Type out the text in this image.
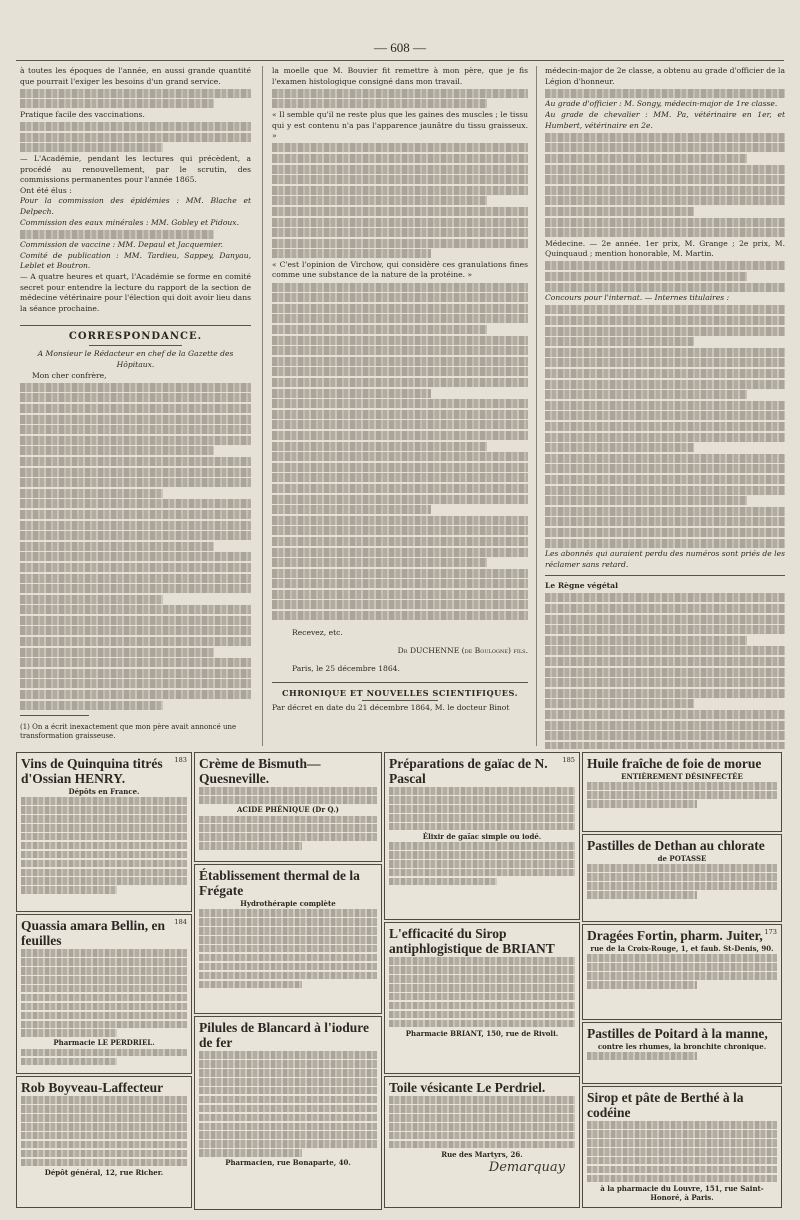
— 608 —

à toutes les époques de l'année, en aussi grande quantité que pourrait l'exiger les besoins d'un grand service.

Pratique facile des vaccinations.

— L'Académie, pendant les lectures qui précèdent, a procédé au renouvellement, par le scrutin, des commissions permanentes pour l'année 1865.

Ont été élus :

Pour la commission des épidémies : MM. Blache et Delpech.

Commission des eaux minérales : MM. Gobley et Pidoux.

Commission de vaccine : MM. Depaul et Jacquemier.

Comité de publication : MM. Tardieu, Sappey, Danyau, Leblet et Boutron.

— A quatre heures et quart, l'Académie se forme en comité secret pour entendre la lecture du rapport de la section de médecine vétérinaire pour l'élection qui doit avoir lieu dans la séance prochaine.

CORRESPONDANCE.

A Monsieur le Rédacteur en chef de la Gazette des Hôpitaux.

Mon cher confrère,

(1) On a écrit inexactement que mon père avait annoncé une transformation graisseuse.

la moelle que M. Bouvier fit remettre à mon père, que je fis l'examen histologique consigné dans mon travail.

« Il semble qu'il ne reste plus que les gaines des muscles ; le tissu qui y est contenu n'a pas l'apparence jaunâtre du tissu graisseux. »

« C'est l'opinion de Virchow, qui considère ces granulations fines comme une substance de la nature de la protéine. »

Recevez, etc.

Dr DUCHENNE (de Boulogne) fils.

Paris, le 25 décembre 1864.

CHRONIQUE ET NOUVELLES SCIENTIFIQUES.

Par décret en date du 21 décembre 1864, M. le docteur Binot

médecin-major de 2e classe, a obtenu au grade d'officier de la Légion d'honneur.

Au grade d'officier : M. Songy, médecin-major de 1re classe.

Au grade de chevalier : MM. Pa, vétérinaire en 1er, et Humbert, vétérinaire en 2e.

Médecine. — 2e année. 1er prix, M. Grange ; 2e prix, M. Quinquaud ; mention honorable, M. Martin.

Concours pour l'internat. — Internes titulaires :

Les abonnés qui auraient perdu des numéros sont priés de les réclamer sans retard.

Le Règne végétal

183
Vins de Quinquina titrés d'Ossian HENRY.
Dépôts en France.
184
Quassia amara Bellin, en feuilles
Pharmacie LE PERDRIEL.
Rob Boyveau-Laffecteur
Dépôt général, 12, rue Richer.
Crème de Bismuth—Quesneville.
ACIDE PHÉNIQUE (Dr Q.)
Établissement thermal de la Frégate
Hydrothérapie complète
Pilules de Blancard à l'iodure de fer
Pharmacien, rue Bonaparte, 40.
185
Préparations de gaïac de N. Pascal
Élixir de gaïac simple ou iodé.
L'efficacité du Sirop antiphlogistique de BRIANT
Pharmacie BRIANT, 150, rue de Rivoli.
Toile vésicante Le Perdriel.
Rue des Martyrs, 26.
Demarquay
Huile fraîche de foie de morue
ENTIÈREMENT DÉSINFECTÉE
Pastilles de Dethan au chlorate
de POTASSE
173
Dragées Fortin, pharm. Juiter,
rue de la Croix-Rouge, 1, et faub. St-Denis, 90.
Pastilles de Poitard à la manne,
contre les rhumes, la bronchite chronique.
Sirop et pâte de Berthé à la codéine
à la pharmacie du Louvre, 151, rue Saint-Honoré, à Paris.
